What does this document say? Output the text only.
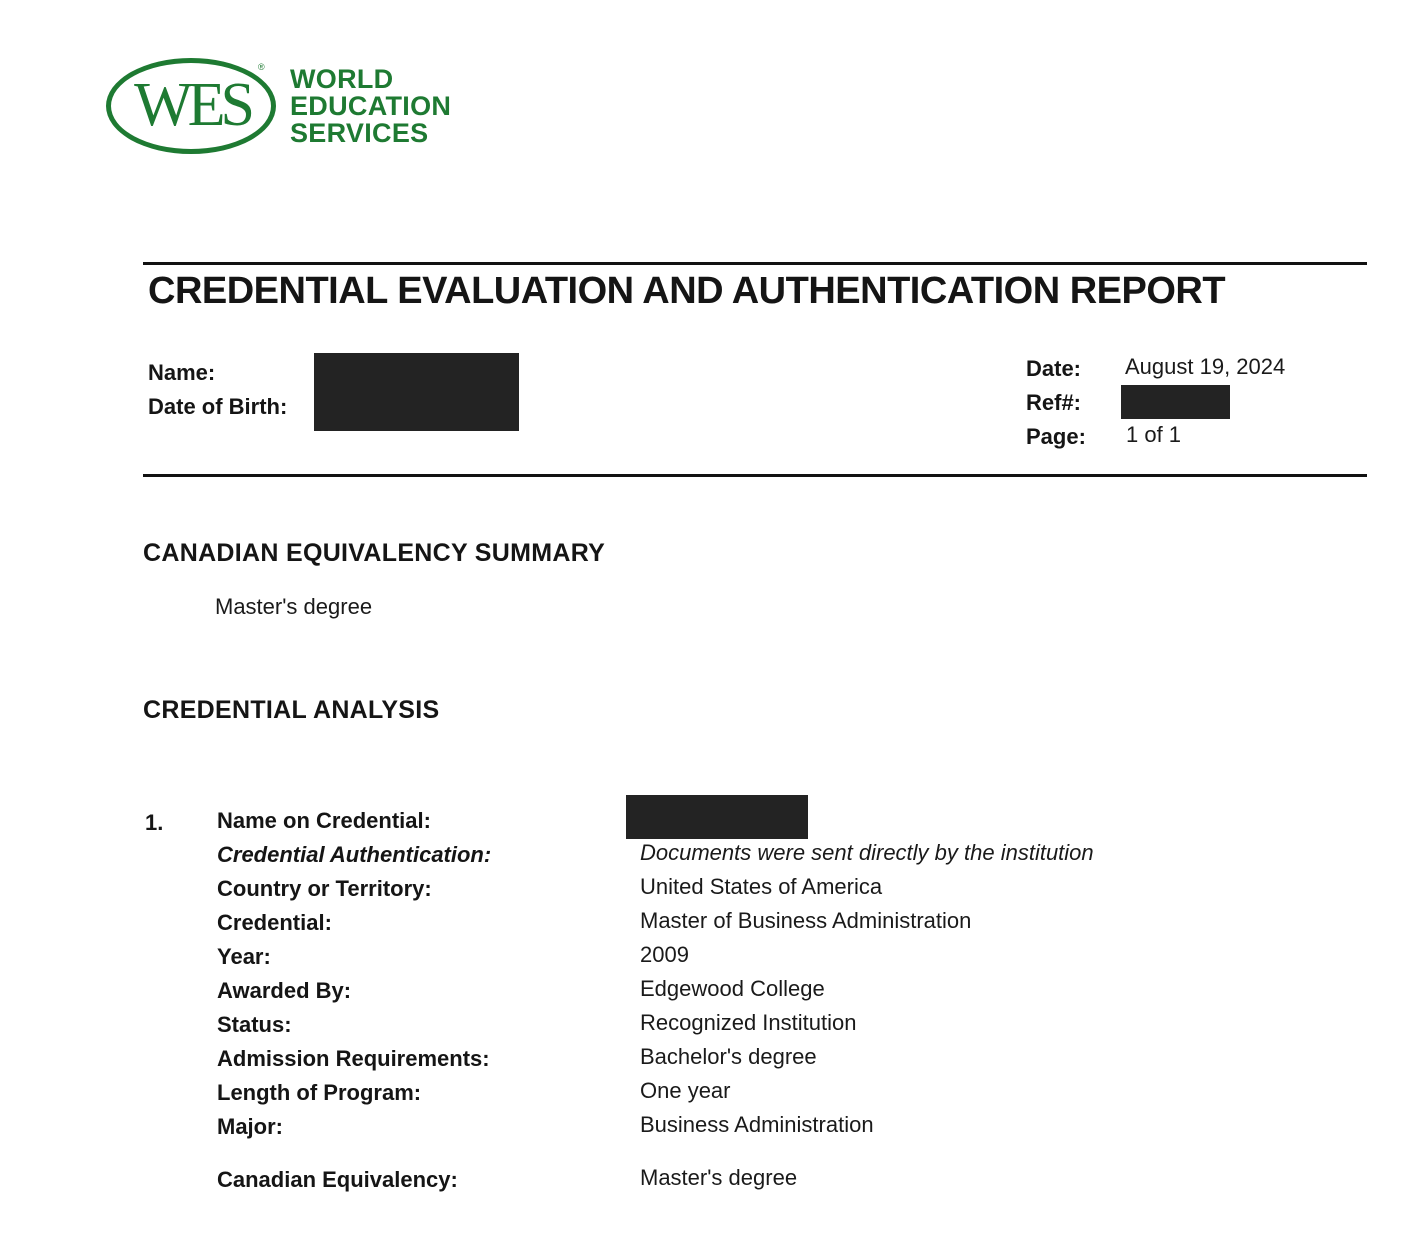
WES
® WORLD
EDUCATION
SERVICES
CREDENTIAL EVALUATION AND AUTHENTICATION REPORT
Name:
Date of Birth:
Date: August 19, 2024
Ref#:
Page: 1 of 1
CANADIAN EQUIVALENCY SUMMARY
Master's degree
CREDENTIAL ANALYSIS
1. Name on Credential:
Credential Authentication:	Documents were sent directly by the institution
Country or Territory:	United States of America
Credential:	Master of Business Administration
Year:	2009
Awarded By:	Edgewood College
Status:	Recognized Institution
Admission Requirements:	Bachelor's degree
Length of Program:	One year
Major:	Business Administration
Canadian Equivalency:	Master's degree
